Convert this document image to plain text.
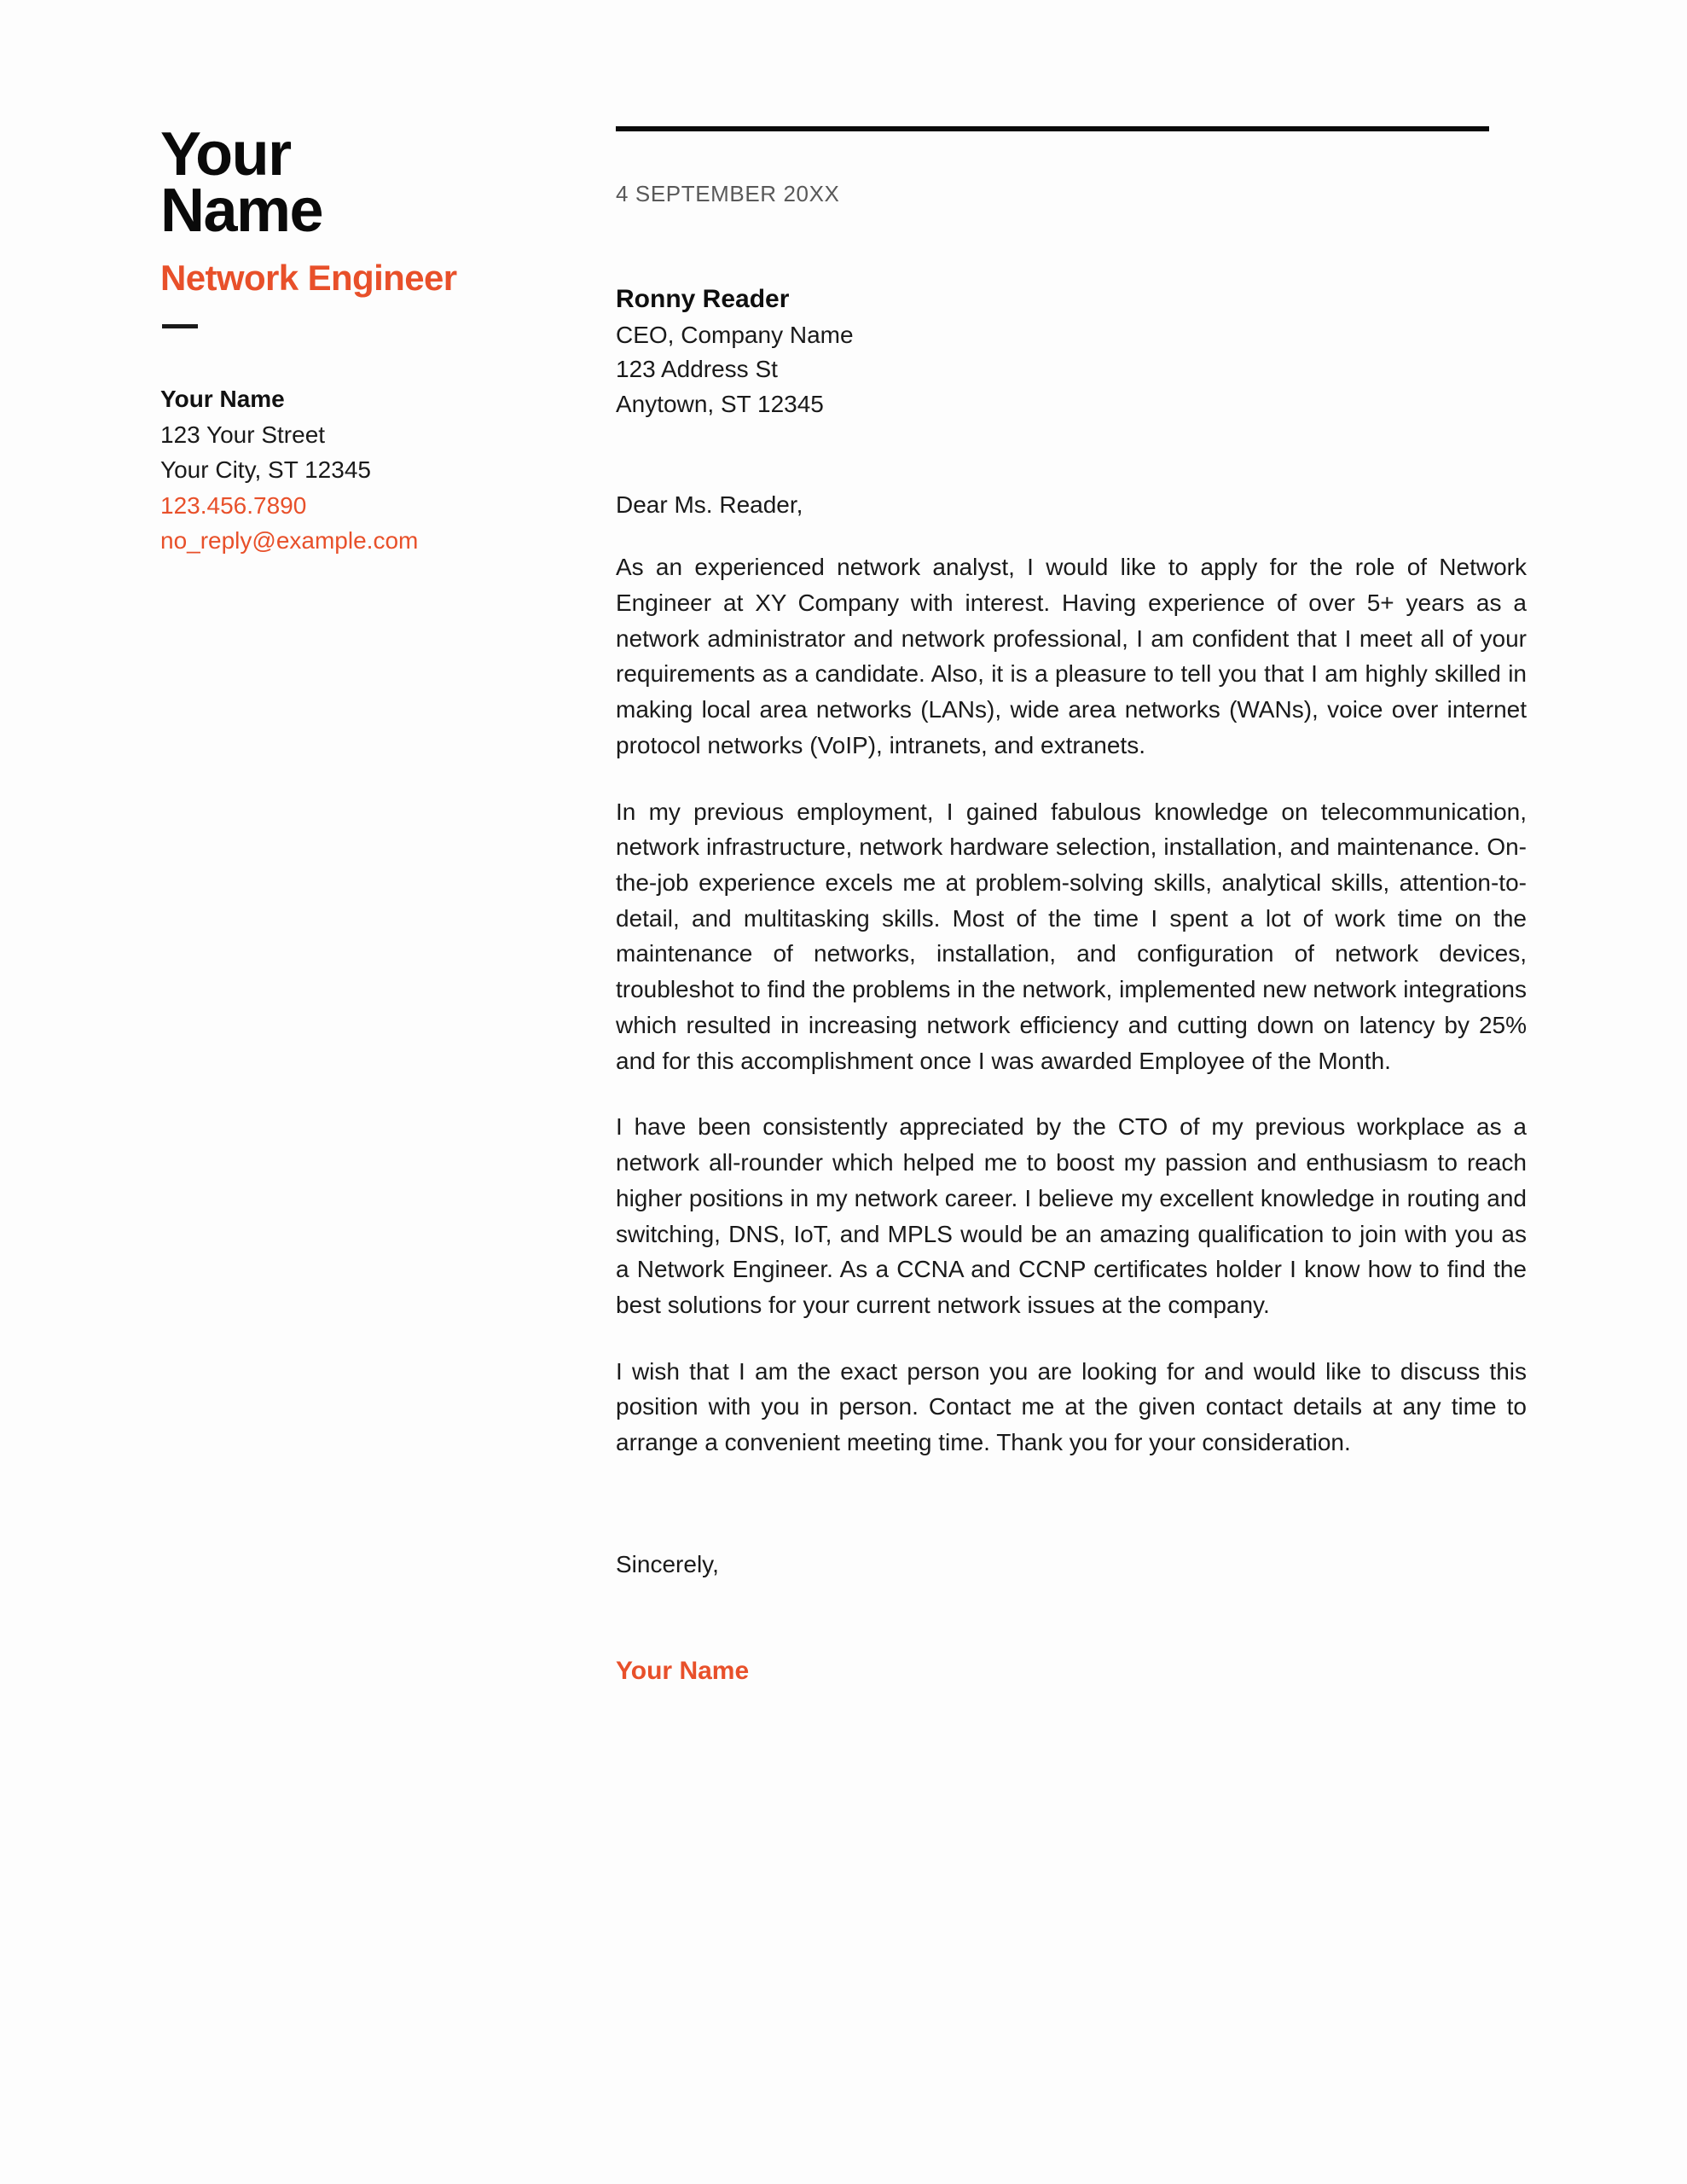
Your
Name
Network Engineer
Your Name
123 Your Street
Your City, ST 12345
123.456.7890
no_reply@example.com
4 SEPTEMBER 20XX
Ronny Reader
CEO, Company Name
123 Address St
Anytown, ST 12345
Dear Ms. Reader,

As an experienced network analyst, I would like to apply for the role of Network Engineer at XY Company with interest. Having experience of over 5+ years as a network administrator and network professional, I am confident that I meet all of your requirements as a candidate. Also, it is a pleasure to tell you that I am highly skilled in making local area networks (LANs), wide area networks (WANs), voice over internet protocol networks (VoIP), intranets, and extranets.

In my previous employment, I gained fabulous knowledge on telecommunication, network infrastructure, network hardware selection, installation, and maintenance. On-the-job experience excels me at problem-solving skills, analytical skills, attention-to-detail, and multitasking skills. Most of the time I spent a lot of work time on the maintenance of networks, installation, and configuration of network devices, troubleshot to find the problems in the network, implemented new network integrations which resulted in increasing network efficiency and cutting down on latency by 25% and for this accomplishment once I was awarded Employee of the Month.

I have been consistently appreciated by the CTO of my previous workplace as a network all-rounder which helped me to boost my passion and enthusiasm to reach higher positions in my network career. I believe my excellent knowledge in routing and switching, DNS, IoT, and MPLS would be an amazing qualification to join with you as a Network Engineer. As a CCNA and CCNP certificates holder I know how to find the best solutions for your current network issues at the company.

I wish that I am the exact person you are looking for and would like to discuss this position with you in person. Contact me at the given contact details at any time to arrange a convenient meeting time. Thank you for your consideration.

Sincerely,
Your Name
